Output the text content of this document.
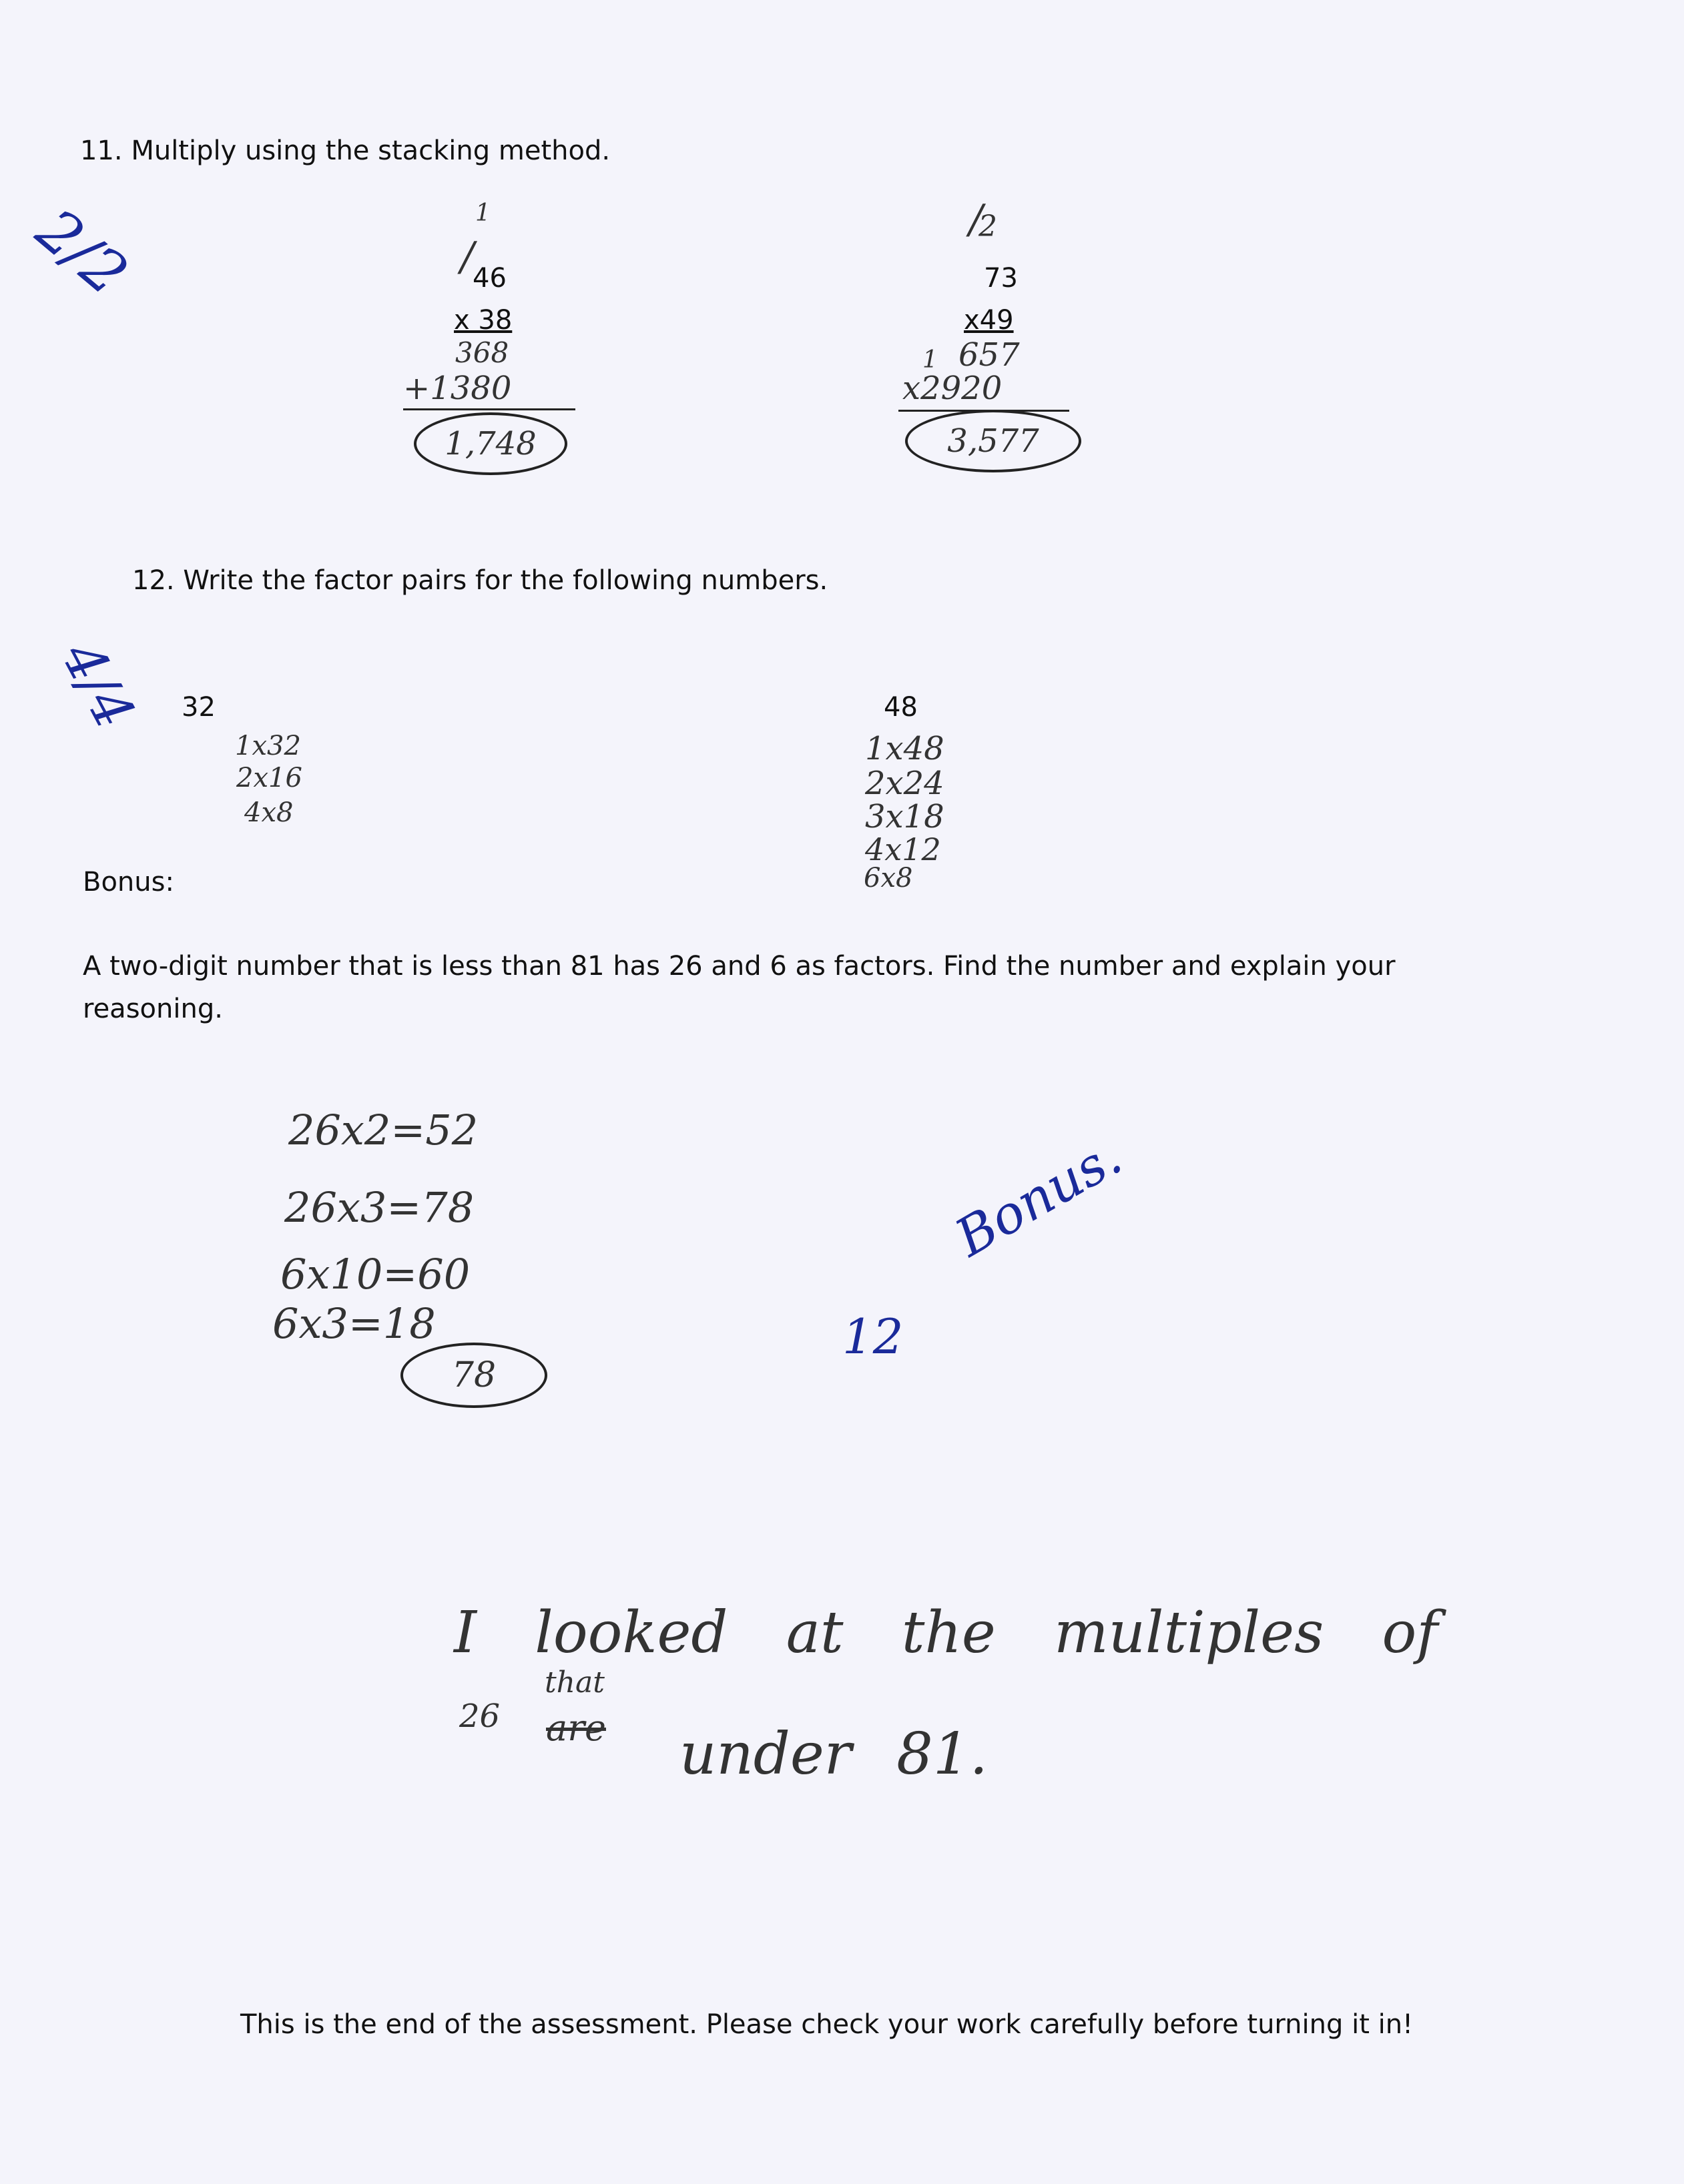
11. Multiply using the stacking method.
2/2	1
46
/
x 38
368
+1380
1,748
2
/
73
x49
1 657
x2920
3,577
12. Write the factor pairs for the following numbers.
4/4 32
1x32
2x16
4x8
48
1x48
2x24
3x18
4x12
6x8
Bonus:
A two-digit number that is less than 81 has 26 and 6 as factors. Find the number and explain your
reasoning.
26x2=52
26x3=78
6x10=60
6x3=18
78
Bonus.
12
I looked at the multiples of
26
that
are under 81.
This is the end of the assessment. Please check your work carefully before turning it in!
